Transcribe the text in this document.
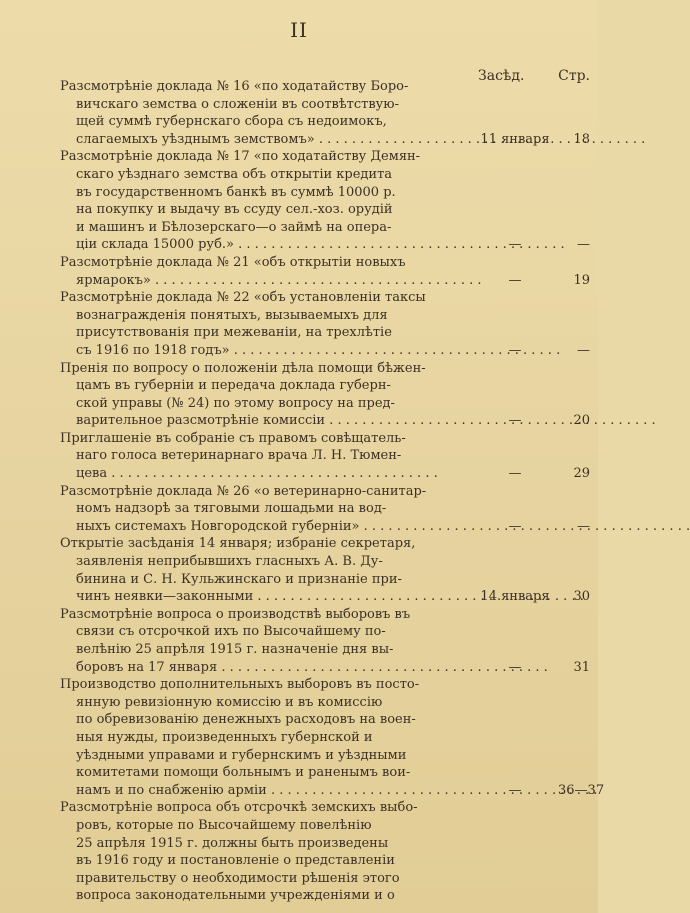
II
Засѣд. Стр.
Разсмотрѣніе доклада № 16 «по ходатайству Боро-
вичскаго земства о сложеніи въ соотвѣтствую-
щей суммѣ губернскаго сбора съ недоимокъ,
слагаемыхъ уѣзднымъ земствомъ» . . .	11 января	18
Разсмотрѣніе доклада № 17 «по ходатайству Демян-
скаго уѣзднаго земства объ открытіи кредита
въ государственномъ банкѣ въ суммѣ 10000 р.
на покупку и выдачу въ ссуду сел.-хоз. орудій
и машинъ и Бѣлозерскаго—о займѣ на опера-
ціи склада 15000 руб.» . . .	—	—
Разсмотрѣніе доклада № 21 «объ открытіи новыхъ
ярмарокъ» . . .	—	19
Разсмотрѣніе доклада № 22 «объ установленіи таксы
вознагражденія понятыхъ, вызываемыхъ для
присутствованія при межеваніи, на трехлѣтіе
съ 1916 по 1918 годъ» . . .	—	—
Пренія по вопросу о положеніи дѣла помощи бѣжен-
цамъ въ губерніи и передача доклада губерн-
ской управы (№ 24) по этому вопросу на пред-
варительное разсмотрѣніе комиссіи . . .	—	20
Приглашеніе въ собраніе съ правомъ совѣщатель-
наго голоса ветеринарнаго врача Л. Н. Тюмен-
цева . . .	—	29
Разсмотрѣніе доклада № 26 «о ветеринарно-санитар-
номъ надзорѣ за тяговыми лошадьми на вод-
ныхъ системахъ Новгородской губерніи» . . .	—	—
Открытіе засѣданія 14 января; избраніе секретаря,
заявленія неприбывшихъ гласныхъ А. В. Ду-
бинина и С. Н. Кульжинскаго и признаніе при-
чинъ неявки—законными . . .	14 января	30
Разсмотрѣніе вопроса о производствѣ выборовъ въ
связи съ отсрочкой ихъ по Высочайшему по-
велѣнію 25 апрѣля 1915 г. назначеніе дня вы-
боровъ на 17 января . . .	—	31
Производство дополнительныхъ выборовъ въ посто-
янную ревизіонную комиссію и въ комиссію
по обревизованію денежныхъ расходовъ на воен-
ныя нужды, произведенныхъ губернской и
уѣздными управами и губернскимъ и уѣздными
комитетами помощи больнымъ и раненымъ вои-
намъ и по снабженію арміи . . .	—	36—37
Разсмотрѣніе вопроса объ отсрочкѣ земскихъ выбо-
ровъ, которые по Высочайшему повелѣнію
25 апрѣля 1915 г. должны быть произведены
въ 1916 году и постановленіе о представленіи
правительству о необходимости рѣшенія этого
вопроса законодательными учрежденіями и о
